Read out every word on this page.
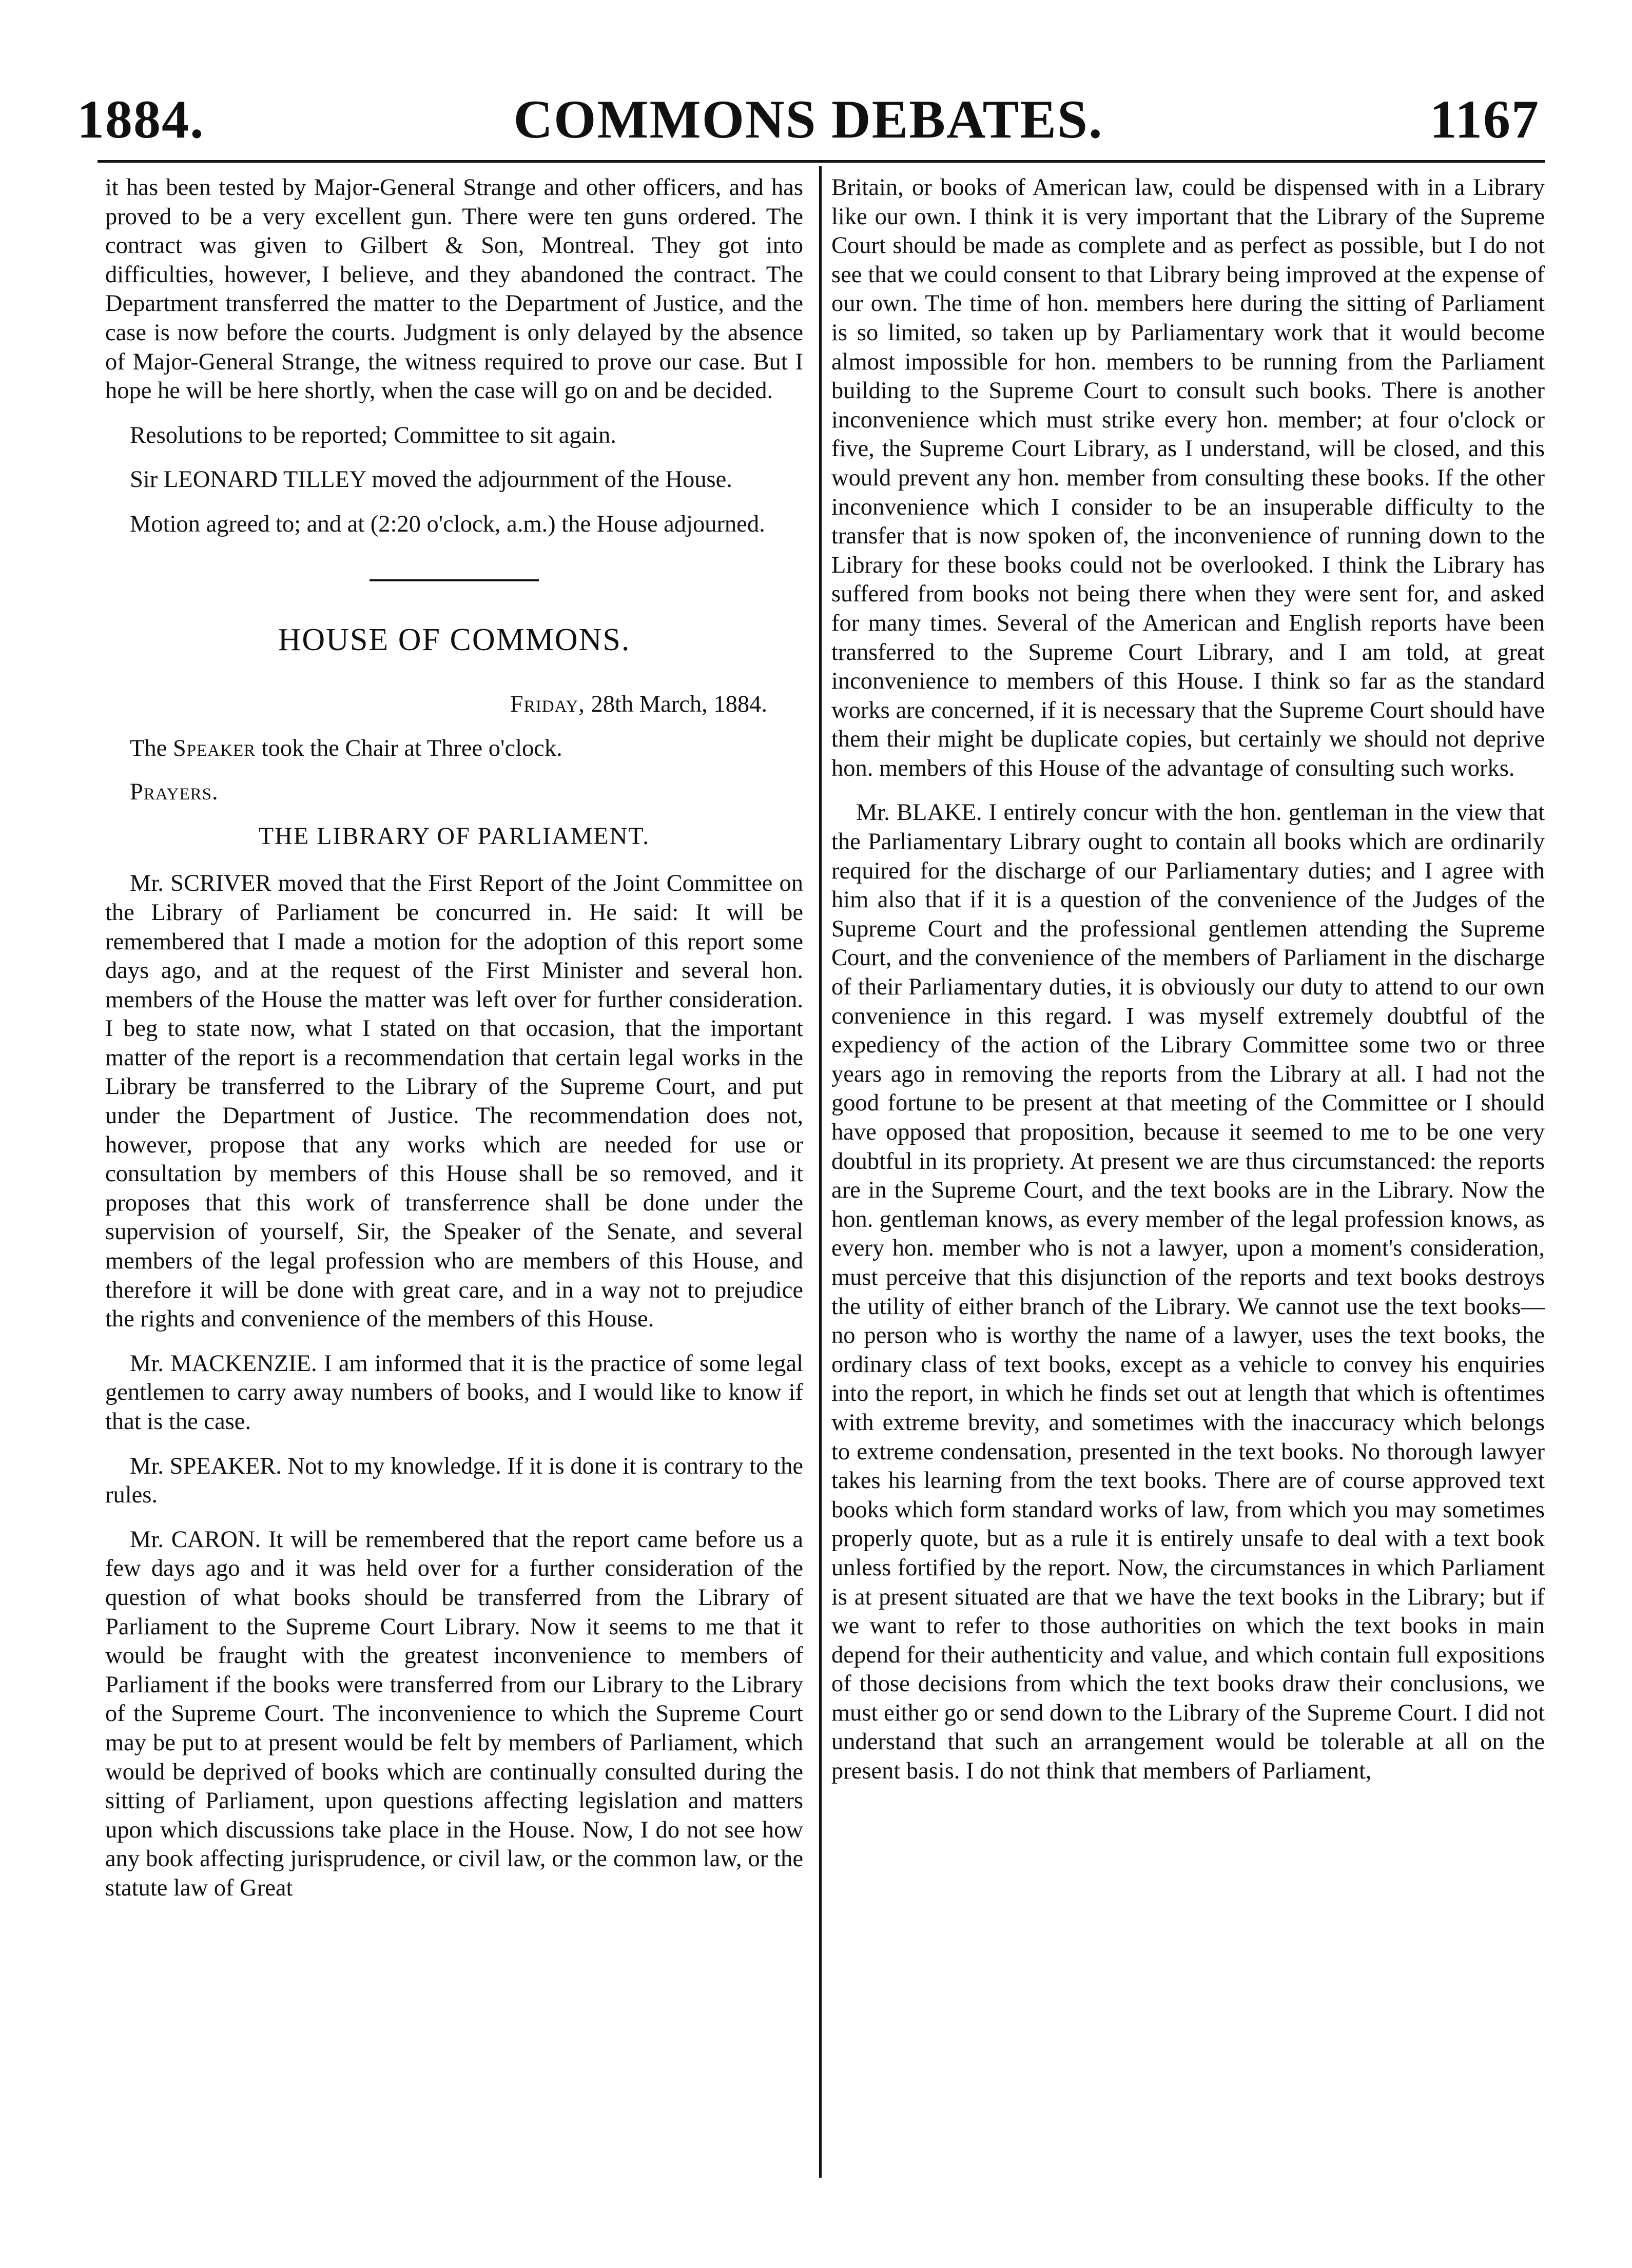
1884.	COMMONS DEBATES.	1167

it has been tested by Major-General Strange and other officers, and has proved to be a very excellent gun. There were ten guns ordered. The contract was given to Gilbert & Son, Montreal. They got into difficulties, however, I believe, and they abandoned the contract. The Department transferred the matter to the Department of Justice, and the case is now before the courts. Judgment is only delayed by the absence of Major-General Strange, the witness required to prove our case. But I hope he will be here shortly, when the case will go on and be decided.

Resolutions to be reported; Committee to sit again.

Sir LEONARD TILLEY moved the adjournment of the House.

Motion agreed to; and at (2:20 o'clock, a.m.) the House adjourned.

HOUSE OF COMMONS.

Friday, 28th March, 1884.

The Speaker took the Chair at Three o'clock.

Prayers.

THE LIBRARY OF PARLIAMENT.

Mr. SCRIVER moved that the First Report of the Joint Committee on the Library of Parliament be concurred in. He said: It will be remembered that I made a motion for the adoption of this report some days ago, and at the request of the First Minister and several hon. members of the House the matter was left over for further consideration. I beg to state now, what I stated on that occasion, that the important matter of the report is a recommendation that certain legal works in the Library be transferred to the Library of the Supreme Court, and put under the Department of Justice. The recommendation does not, however, propose that any works which are needed for use or consultation by members of this House shall be so removed, and it proposes that this work of transferrence shall be done under the supervision of yourself, Sir, the Speaker of the Senate, and several members of the legal profession who are members of this House, and therefore it will be done with great care, and in a way not to prejudice the rights and convenience of the members of this House.

Mr. MACKENZIE. I am informed that it is the practice of some legal gentlemen to carry away numbers of books, and I would like to know if that is the case.

Mr. SPEAKER. Not to my knowledge. If it is done it is contrary to the rules.

Mr. CARON. It will be remembered that the report came before us a few days ago and it was held over for a further consideration of the question of what books should be transferred from the Library of Parliament to the Supreme Court Library. Now it seems to me that it would be fraught with the greatest inconvenience to members of Parliament if the books were transferred from our Library to the Library of the Supreme Court. The inconvenience to which the Supreme Court may be put to at present would be felt by members of Parliament, which would be deprived of books which are continually consulted during the sitting of Parliament, upon questions affecting legislation and matters upon which discussions take place in the House. Now, I do not see how any book affecting jurisprudence, or civil law, or the common law, or the statute law of Great

Britain, or books of American law, could be dispensed with in a Library like our own. I think it is very important that the Library of the Supreme Court should be made as complete and as perfect as possible, but I do not see that we could consent to that Library being improved at the expense of our own. The time of hon. members here during the sitting of Parliament is so limited, so taken up by Parliamentary work that it would become almost impossible for hon. members to be running from the Parliament building to the Supreme Court to consult such books. There is another inconvenience which must strike every hon. member; at four o'clock or five, the Supreme Court Library, as I understand, will be closed, and this would prevent any hon. member from consulting these books. If the other inconvenience which I consider to be an insuperable difficulty to the transfer that is now spoken of, the inconvenience of running down to the Library for these books could not be overlooked. I think the Library has suffered from books not being there when they were sent for, and asked for many times. Several of the American and English reports have been transferred to the Supreme Court Library, and I am told, at great inconvenience to members of this House. I think so far as the standard works are concerned, if it is necessary that the Supreme Court should have them their might be duplicate copies, but certainly we should not deprive hon. members of this House of the advantage of consulting such works.

Mr. BLAKE. I entirely concur with the hon. gentleman in the view that the Parliamentary Library ought to contain all books which are ordinarily required for the discharge of our Parliamentary duties; and I agree with him also that if it is a question of the convenience of the Judges of the Supreme Court and the professional gentlemen attending the Supreme Court, and the convenience of the members of Parliament in the discharge of their Parliamentary duties, it is obviously our duty to attend to our own convenience in this regard. I was myself extremely doubtful of the expediency of the action of the Library Committee some two or three years ago in removing the reports from the Library at all. I had not the good fortune to be present at that meeting of the Committee or I should have opposed that proposition, because it seemed to me to be one very doubtful in its propriety. At present we are thus circumstanced: the reports are in the Supreme Court, and the text books are in the Library. Now the hon. gentleman knows, as every member of the legal profession knows, as every hon. member who is not a lawyer, upon a moment's consideration, must perceive that this disjunction of the reports and text books destroys the utility of either branch of the Library. We cannot use the text books—no person who is worthy the name of a lawyer, uses the text books, the ordinary class of text books, except as a vehicle to convey his enquiries into the report, in which he finds set out at length that which is oftentimes with extreme brevity, and sometimes with the inaccuracy which belongs to extreme condensation, presented in the text books. No thorough lawyer takes his learning from the text books. There are of course approved text books which form standard works of law, from which you may sometimes properly quote, but as a rule it is entirely unsafe to deal with a text book unless fortified by the report. Now, the circumstances in which Parliament is at present situated are that we have the text books in the Library; but if we want to refer to those authorities on which the text books in main depend for their authenticity and value, and which contain full expositions of those decisions from which the text books draw their conclusions, we must either go or send down to the Library of the Supreme Court. I did not understand that such an arrangement would be tolerable at all on the present basis. I do not think that members of Parliament,
